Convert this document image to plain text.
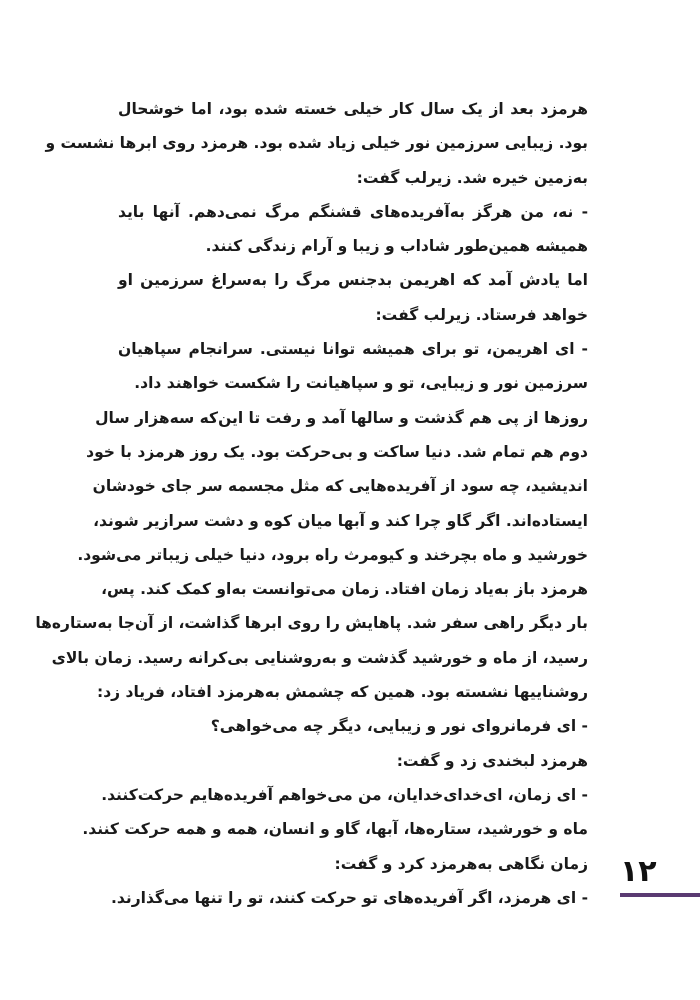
هرمزد بعد از یک سال کار خیلی خسته شده بود، اما خوشحال
بود. زیبایی سرزمین نور خیلی زیاد شده بود. هرمزد روی ابرها نشست و
به‌زمین خیره شد. زیرلب گفت:
- نه، من هرگز به‌آفریده‌های قشنگم مرگ نمی‌دهم. آنها باید
همیشه همین‌طور شاداب و زیبا و آرام زندگی کنند.
اما یادش آمد که اهریمن بدجنس مرگ را به‌سراغ سرزمین او
خواهد فرستاد. زیرلب گفت:
- ای اهریمن، تو برای همیشه توانا نیستی. سرانجام سپاهیان
سرزمین نور و زیبایی، تو و سپاهیانت را شکست خواهند داد.
روزها از پی هم گذشت و سالها آمد و رفت تا این‌که سه‌هزار سال
دوم هم تمام شد. دنیا ساکت و بی‌حرکت بود. یک روز هرمزد با خود
اندیشید، چه سود از آفریده‌هایی که مثل مجسمه سر جای خودشان
ایستاده‌اند. اگر گاو چرا کند و آبها میان کوه و دشت سرازیر شوند،
خورشید و ماه بچرخند و کیومرث راه برود، دنیا خیلی زیباتر می‌شود.
هرمزد باز به‌یاد زمان افتاد. زمان می‌توانست به‌او کمک کند. پس،
بار دیگر راهی سفر شد. پاهایش را روی ابرها گذاشت، از آن‌جا به‌ستاره‌ها
رسید، از ماه و خورشید گذشت و به‌روشنایی بی‌کرانه رسید. زمان بالای
روشناییها نشسته بود. همین که چشمش به‌هرمزد افتاد، فریاد زد:
- ای فرمانروای نور و زیبایی، دیگر چه می‌خواهی؟
هرمزد لبخندی زد و گفت:
- ای زمان، ای‌خدای‌خدایان، من می‌خواهم آفریده‌هایم حرکت‌کنند.
ماه و خورشید، ستاره‌ها، آبها، گاو و انسان، همه و همه حرکت کنند.
زمان نگاهی به‌هرمزد کرد و گفت:
- ای هرمزد، اگر آفریده‌های تو حرکت کنند، تو را تنها می‌گذارند.
۱۲
